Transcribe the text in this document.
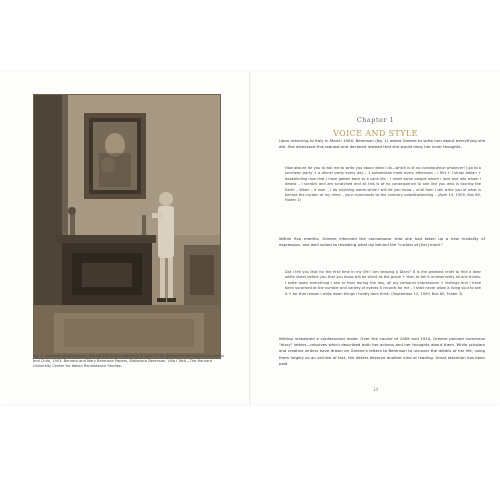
Fig. 1. Unknown photographer, Bernard Berenson standing in front of the Domenico Veneziano's Madonna and Child, 1903. Bernard and Mary Berenson Papers, Biblioteca Berenson, Villa I Tatti—The Harvard University Center for Italian Renaissance Studies.

Chapter 1

VOICE AND STYLE

Upon returning to Italy in March 1909, Berenson (fig. 1) asked Greene to write him about everything she did. She dismissed this request and declared instead that she would relay her inner thoughts.

How absurd for you to ask me to write you about what I do—which is of no consequence whatever! I go to a luncheon party + a dinner party every day – 1 automobile meet every afternoon – I flirt + I study Italian + bookbinding now that I have gotten back to a sane life – I meet some people whom I love and lots whom I detest – I scratch and am scratched and all this is of no consequence to one like you who is touring the Earth – When – if ever – I do anything worth-while I will let you know – until then I will write you of what is behind the curtain of my mind – your commands to the contrary notwithstanding – (April 19, 1909, Box 60, Folder 2)

Within five months, Greene informed the connoisseur that she had taken up a new modality of expression, one well suited to revealing what lay behind the "curtain of [her] mind."

Did I tell you that for the first time in my life I am keeping a Diary? It is the greatest relief to find a dear white sheet before you that you know will be silent as the grave + then to tell it unreservedly all one thinks. I write down everything I see or hear during the day, all my personal impressions + feelings and I have been surprised at the number and variety of events it records for me – I shall never allow a living soul to see it + for that reason I write down things I hardly dare think. (September 12, 1909, Box 60, Folder 3)

Writing unleashed a confessional mode. Over the course of 1909 and 1910, Greene penned numerous "diary" letters—missives which described both her actions and her thoughts about them. While scholars and creative writers have drawn on Greene's letters to Berenson to uncover the details of her life, using them largely as an archive of fact, the letters deserve another kind of reading. Scant attention has been paid

14
